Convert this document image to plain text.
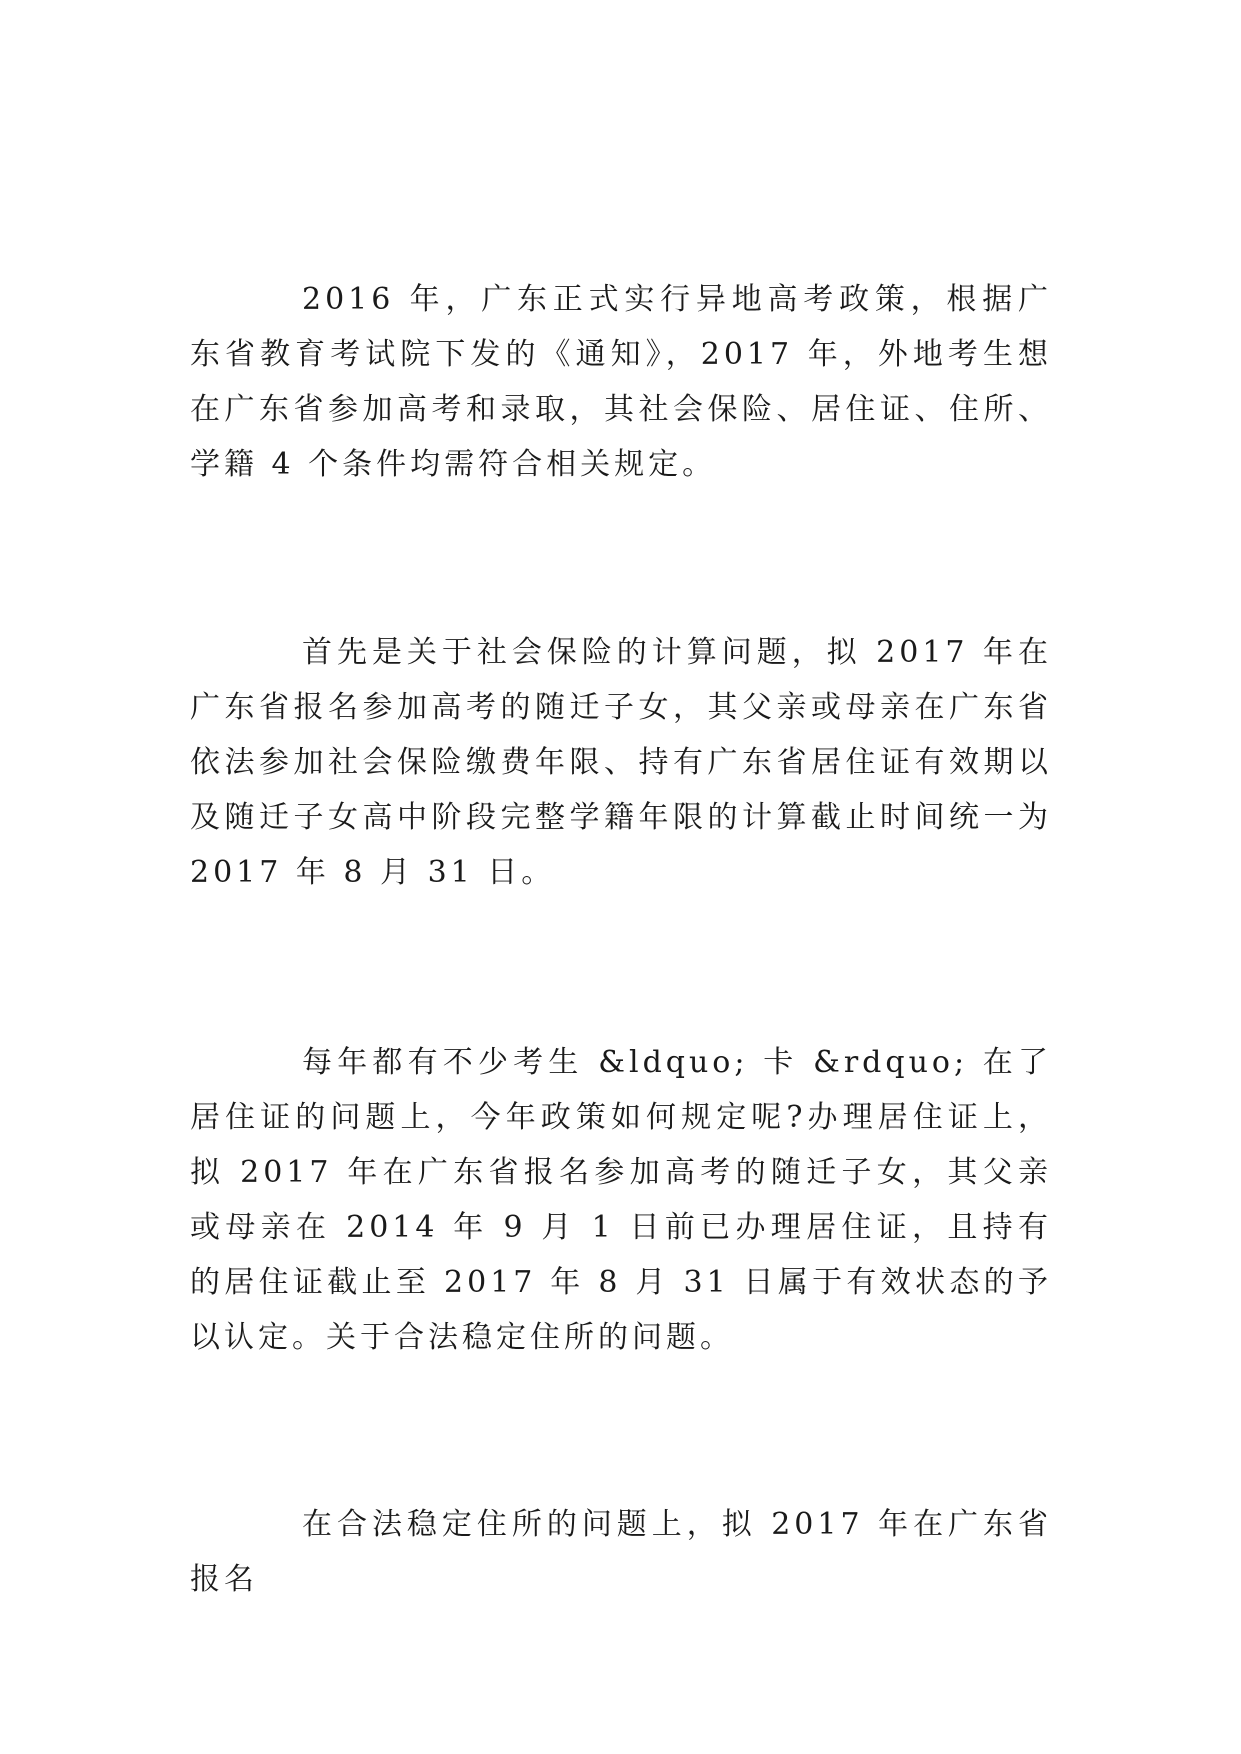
2016 年，广东正式实行异地高考政策，根据广东省教育考试院下发的《通知》，2017 年，外地考生想在广东省参加高考和录取，其社会保险、居住证、住所、学籍 4 个条件均需符合相关规定。

首先是关于社会保险的计算问题，拟 2017 年在广东省报名参加高考的随迁子女，其父亲或母亲在广东省依法参加社会保险缴费年限、持有广东省居住证有效期以及随迁子女高中阶段完整学籍年限的计算截止时间统一为 2017 年 8 月 31 日。

每年都有不少考生 &ldquo; 卡 &rdquo; 在了居住证的问题上，今年政策如何规定呢?办理居住证上，拟 2017 年在广东省报名参加高考的随迁子女，其父亲或母亲在 2014 年 9 月 1 日前已办理居住证，且持有的居住证截止至 2017 年 8 月 31 日属于有效状态的予以认定。关于合法稳定住所的问题。

在合法稳定住所的问题上，拟 2017 年在广东省报名
